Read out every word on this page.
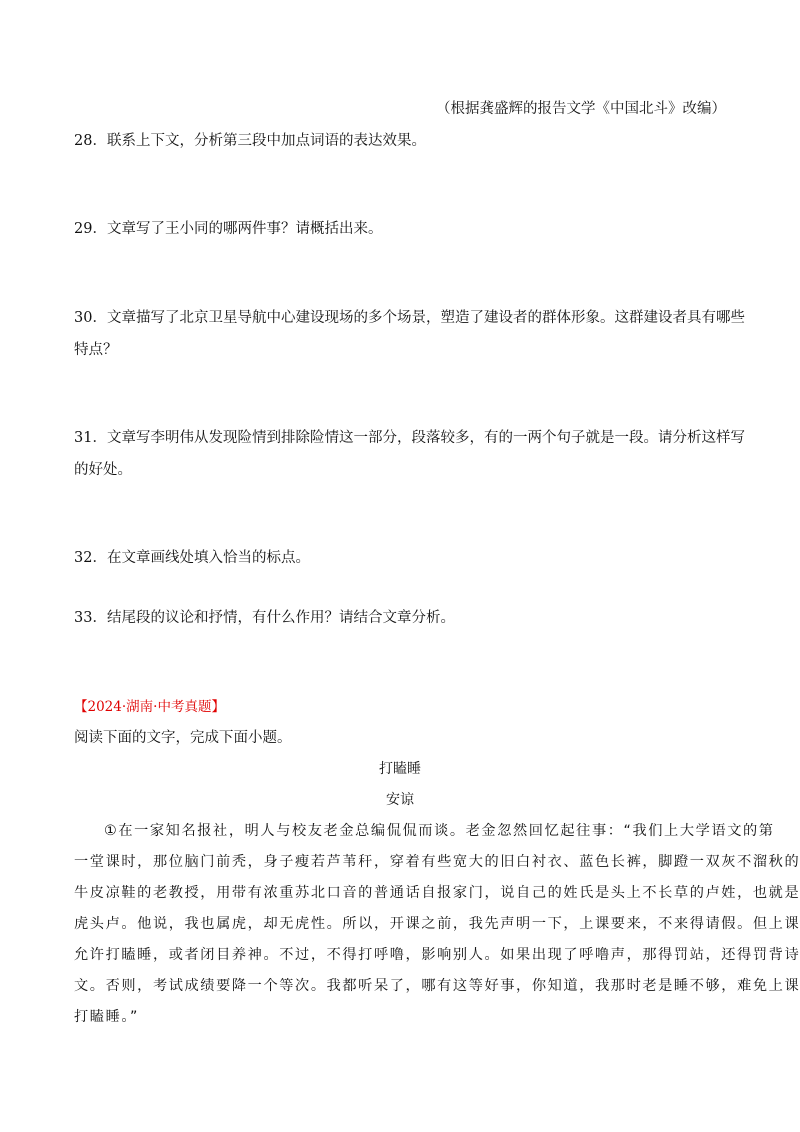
（根据龚盛辉的报告文学《中国北斗》改编）
28．联系上下文，分析第三段中加点词语的表达效果。
29．文章写了王小同的哪两件事？请概括出来。
30．文章描写了北京卫星导航中心建设现场的多个场景，塑造了建设者的群体形象。这群建设者具有哪些
特点？
31．文章写李明伟从发现险情到排除险情这一部分，段落较多，有的一两个句子就是一段。请分析这样写
的好处。
32．在文章画线处填入恰当的标点。
33．结尾段的议论和抒情，有什么作用？请结合文章分析。
【2024·湖南·中考真题】
阅读下面的文字，完成下面小题。
打瞌睡
安谅
①在一家知名报社，明人与校友老金总编侃侃而谈。老金忽然回忆起往事：“我们上大学语文的第
一堂课时，那位脑门前秃，身子瘦若芦苇秆，穿着有些宽大的旧白衬衣、蓝色长裤，脚蹬一双灰不溜秋的
牛皮凉鞋的老教授，用带有浓重苏北口音的普通话自报家门，说自己的姓氏是头上不长草的卢姓，也就是
虎头卢。他说，我也属虎，却无虎性。所以，开课之前，我先声明一下，上课要来，不来得请假。但上课
允许打瞌睡，或者闭目养神。不过，不得打呼噜，影响别人。如果出现了呼噜声，那得罚站，还得罚背诗
文。否则，考试成绩要降一个等次。我都听呆了，哪有这等好事，你知道，我那时老是睡不够，难免上课
打瞌睡。”
